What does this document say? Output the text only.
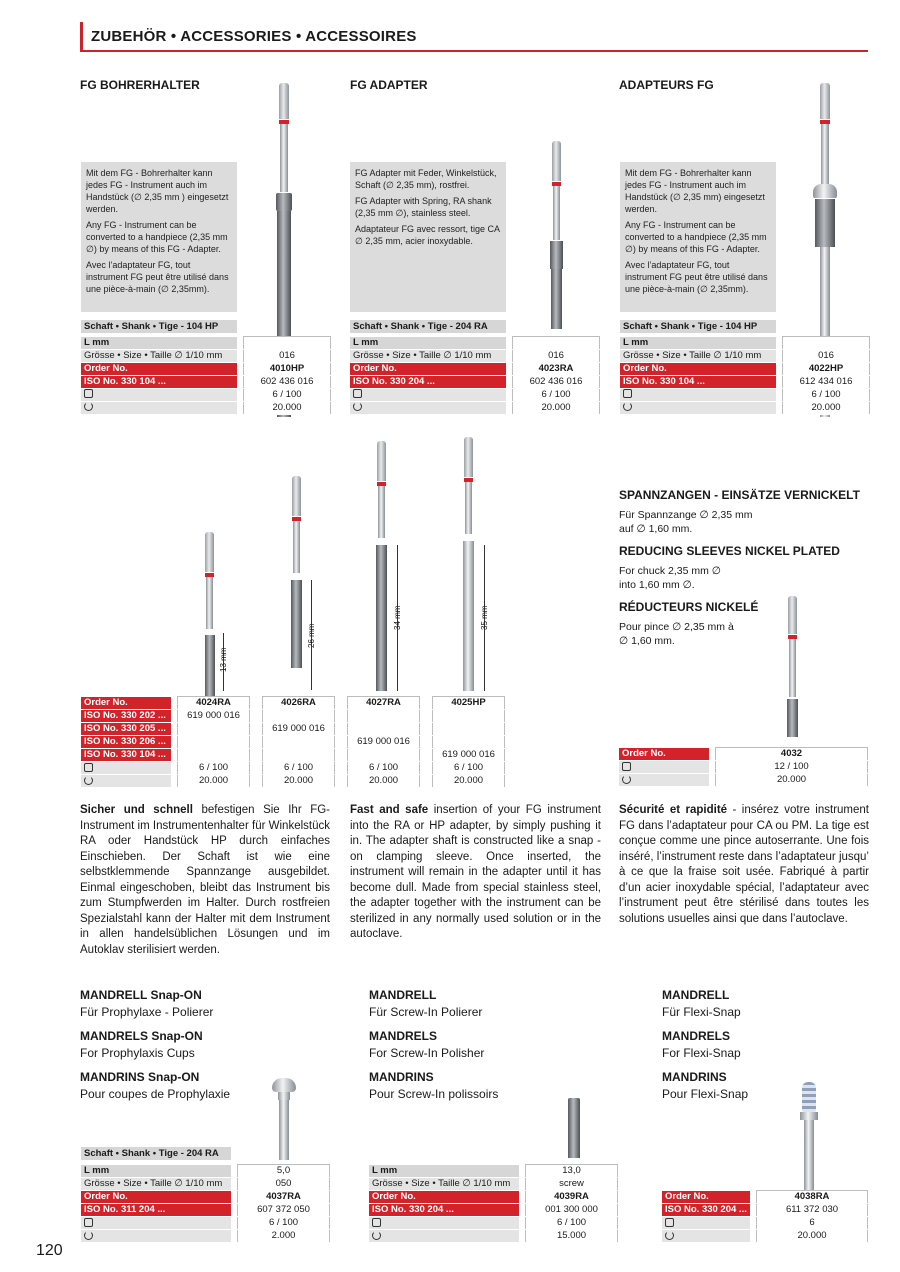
ZUBEHÖR • ACCESSORIES • ACCESSOIRES
FG BOHRERHALTER

Mit dem FG - Bohrerhalter kann jedes FG - Instrument auch im Handstück (∅ 2,35 mm ) eingesetzt werden.

Any FG - Instrument can be converted to a handpiece (2,35 mm ∅) by means of this FG - Adapter.

Avec l’adaptateur FG, tout instrument FG peut être utilisé dans une pièce-à-main (∅ 2,35mm).

Schaft • Shank • Tige - 104 HP
L mm		
Grösse • Size • Taille ∅ 1/10 mm		016
Order No.		4010HP
ISO No. 330 104 ...		602 436 016
		6 / 100
		20.000
FG ADAPTER

FG Adapter mit Feder, Winkelstück, Schaft (∅ 2,35 mm), rostfrei.

FG Adapter with Spring, RA shank (2,35 mm ∅), stainless steel.

Adaptateur FG avec ressort, tige CA ∅ 2,35 mm, acier inoxydable.

Schaft • Shank • Tige - 204 RA
L mm		
Grösse • Size • Taille ∅ 1/10 mm		016
Order No.		4023RA
ISO No. 330 204 ...		602 436 016
		6 / 100
		20.000
ADAPTEURS FG

Mit dem FG - Bohrerhalter kann jedes FG - Instrument auch im Handstück (∅ 2,35 mm) eingesetzt werden.

Any FG - Instrument can be converted to a handpiece (2,35 mm ∅) by means of this FG - Adapter.

Avec l’adaptateur FG, tout instrument FG peut être utilisé dans une pièce-à-main (∅ 2,35mm).

Schaft • Shank • Tige - 104 HP
L mm		
Grösse • Size • Taille ∅ 1/10 mm		016
Order No.		4022HP
ISO No. 330 104 ...		612 434 016
		6 / 100
		20.000
13 mm
26 mm
34 mm	35 mm
Order No.		4024RA			4026RA			4027RA			4025HP
ISO No. 330 202 ...		619 000 016									
ISO No. 330 205 ...					619 000 016						
ISO No. 330 206 ...								619 000 016			
ISO No. 330 104 ...											619 000 016
		6 / 100			6 / 100			6 / 100			6 / 100
		20.000			20.000			20.000			20.000
SPANNZANGEN - EINSÄTZE VERNICKELT
Für Spannzange ∅ 2,35 mm
auf ∅ 1,60 mm.
REDUCING SLEEVES NICKEL PLATED
For chuck 2,35 mm ∅
into 1,60 mm ∅.
RÉDUCTEURS NICKELÉ
Pour pince ∅ 2,35 mm à
∅ 1,60 mm.
Order No.		4032
		12 / 100
		20.000
Sicher und schnell befestigen Sie Ihr FG-Instrument im Instrumentenhalter für Winkelstück RA oder Handstück HP durch einfaches Einschieben. Der Schaft ist wie eine selbstklemmende Spannzange ausgebildet. Einmal eingeschoben, bleibt das Instrument bis zum Stumpfwerden im Halter. Durch rostfreien Spezialstahl kann der Halter mit dem Instrument in allen handelsüblichen Lösungen und im Autoklav sterilisiert werden.
Fast and safe insertion of your FG instrument into the RA or HP adapter, by simply pushing it in. The adapter shaft is constructed like a snap - on clamping sleeve. Once inserted, the instrument will remain in the adapter until it has become dull. Made from special stainless steel, the adapter together with the instrument can be sterilized in any normally used solution or in the autoclave.
Sécurité et rapidité - insérez votre instrument FG dans l’adaptateur pour CA ou PM. La tige est conçue comme une pince autoserrante. Une fois inséré, l’instrument reste dans l’adaptateur jusqu’ à ce que la fraise soit usée. Fabriqué à partir d’un acier inoxydable spécial, l’adaptateur avec l’instrument peut être stérilisé dans toutes les solutions usuelles ainsi que dans l’autoclave.
MANDRELL Snap-ON
Für Prophylaxe - Polierer
MANDRELS Snap-ON
For Prophylaxis Cups
MANDRINS Snap-ON
Pour coupes de Prophylaxie
Schaft • Shank • Tige - 204 RA
L mm		5,0
Grösse • Size • Taille ∅ 1/10 mm		050
Order No.		4037RA
ISO No. 311 204 ...		607 372 050
		6 / 100
		2.000
MANDRELL
Für Screw-In Polierer
MANDRELS
For Screw-In Polisher
MANDRINS
Pour Screw-In polissoirs
L mm		13,0
Grösse • Size • Taille ∅ 1/10 mm		screw
Order No.		4039RA
ISO No. 330 204 ...		001 300 000
		6 / 100
		15.000
MANDRELL
Für Flexi-Snap
MANDRELS
For Flexi-Snap
MANDRINS
Pour Flexi-Snap
Order No.		4038RA
ISO No. 330 204 ...		611 372 030
		6
		20.000
120
